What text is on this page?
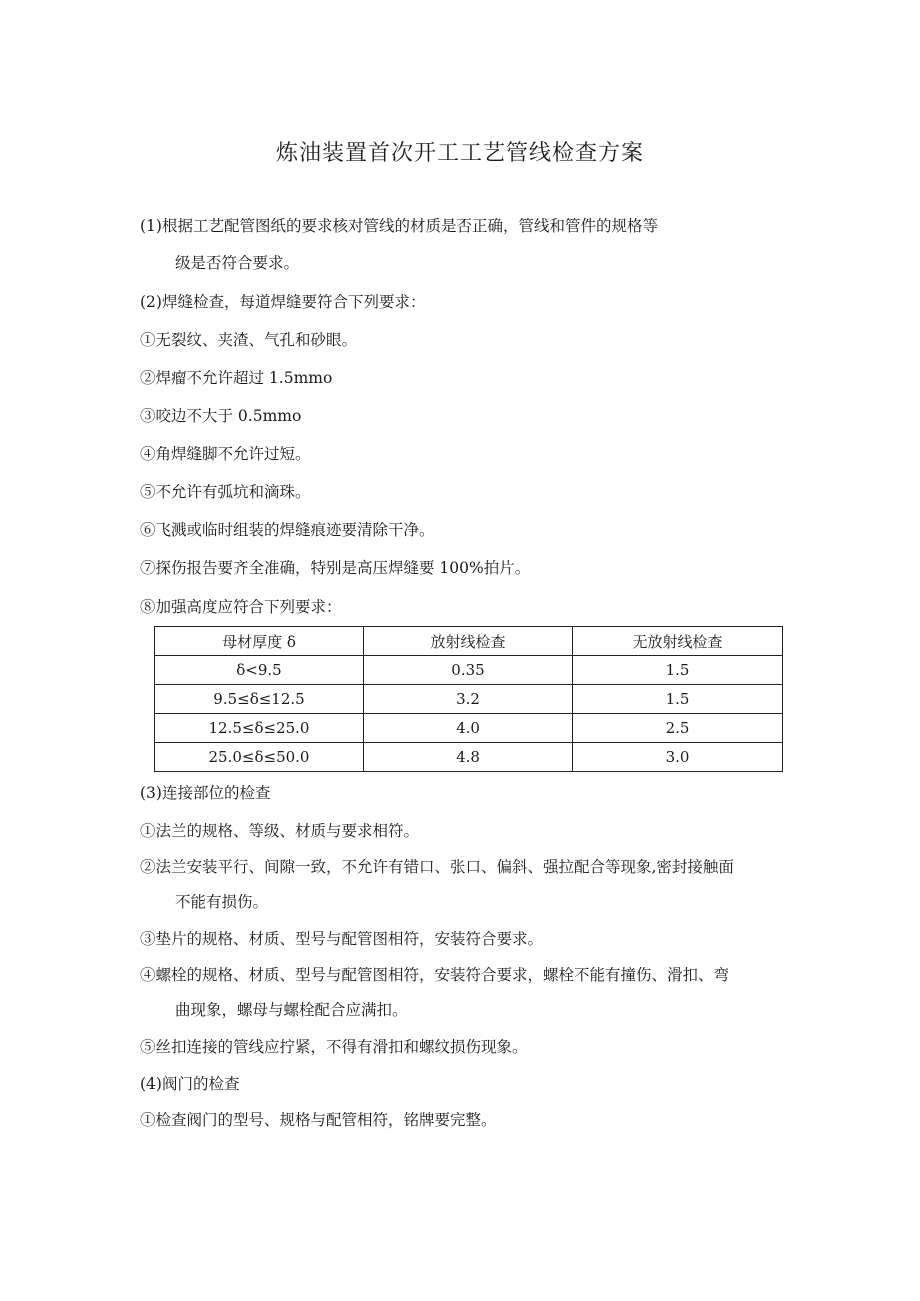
炼油装置首次开工工艺管线检查方案
(1)根据工艺配管图纸的要求核对管线的材质是否正确，管线和管件的规格等
级是否符合要求。
(2)焊缝检查，每道焊缝要符合下列要求：
①无裂纹、夹渣、气孔和砂眼。
②焊瘤不允许超过 1.5mmo
③咬边不大于 0.5mmo
④角焊缝脚不允许过短。
⑤不允许有弧坑和滴珠。
⑥飞溅或临时组装的焊缝痕迹要清除干净。
⑦探伤报告要齐全准确，特别是高压焊缝要 100%拍片。
⑧加强高度应符合下列要求：
母材厚度 δ	放射线检查	无放射线检查
δ<9.5	0.35	1.5
9.5≤δ≤12.5	3.2	1.5
12.5≤δ≤25.0	4.0	2.5
25.0≤δ≤50.0	4.8	3.0
(3)连接部位的检查
①法兰的规格、等级、材质与要求相符。
②法兰安装平行、间隙一致，不允许有错口、张口、偏斜、强拉配合等现象,密封接触面
不能有损伤。
③垫片的规格、材质、型号与配管图相符，安装符合要求。
④螺栓的规格、材质、型号与配管图相符，安装符合要求，螺栓不能有撞伤、滑扣、弯
曲现象，螺母与螺栓配合应满扣。
⑤丝扣连接的管线应拧紧，不得有滑扣和螺纹损伤现象。
(4)阀门的检查
①检查阀门的型号、规格与配管相符，铭牌要完整。
